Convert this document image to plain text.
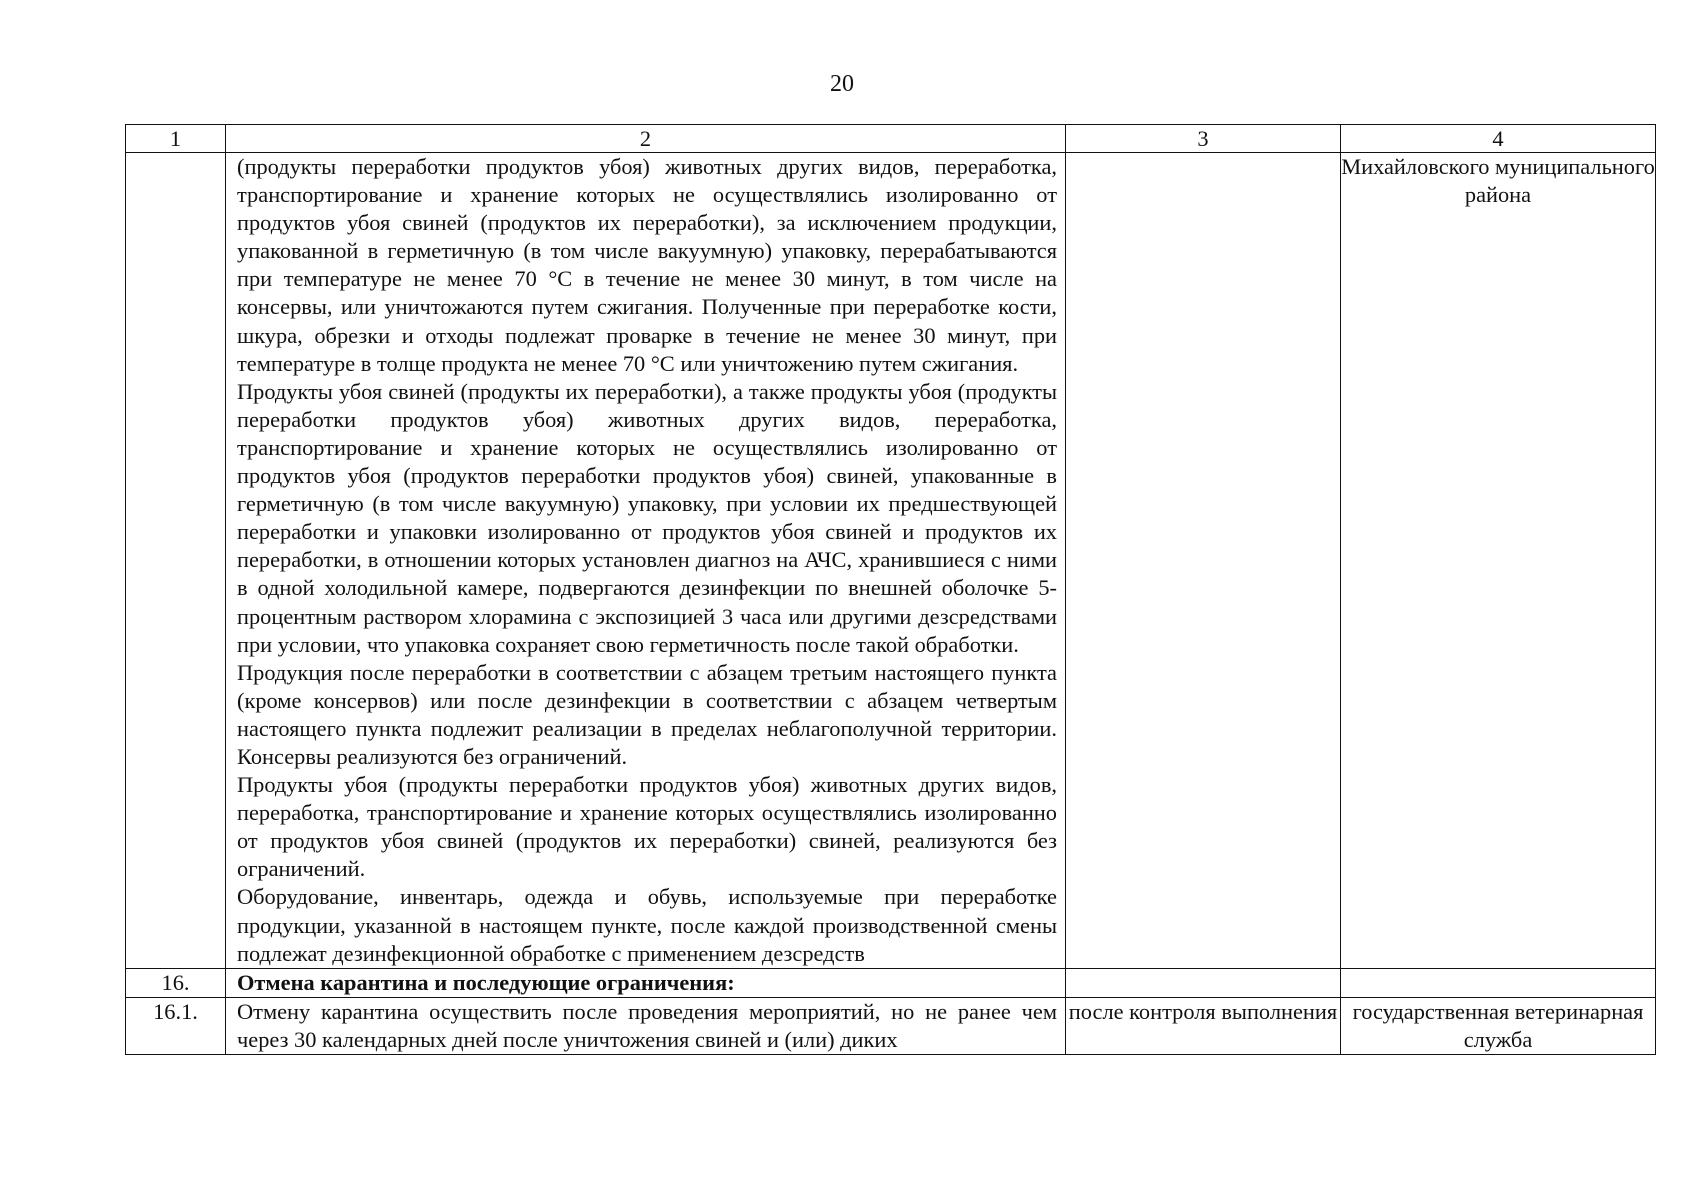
20
1	2	3	4

	(продукты переработки продуктов убоя) животных других видов, переработка, транспортирование и хранение которых не осуществлялись изолированно от продуктов убоя свиней (продуктов их переработки), за исключением продукции, упакованной в герметичную (в том числе вакуумную) упаковку, перерабатываются при температуре не менее 70 °С в течение не менее 30 минут, в том числе на консервы, или уничтожаются путем сжигания. Полученные при переработке кости, шкура, обрезки и отходы подлежат проварке в течение не менее 30 минут, при температуре в толще продукта не менее 70 °С или уничтожению путем сжигания.

Продукты убоя свиней (продукты их переработки), а также продукты убоя (продукты переработки продуктов убоя) животных других видов, переработка, транспортирование и хранение которых не осуществлялись изолированно от продуктов убоя (продуктов переработки продуктов убоя) свиней, упакованные в герметичную (в том числе вакуумную) упаковку, при условии их предшествующей переработки и упаковки изолированно от продуктов убоя свиней и продуктов их переработки, в отношении которых установлен диагноз на АЧС, хранившиеся с ними в одной холодильной камере, подвергаются дезинфекции по внешней оболочке 5-процентным раствором хлорамина с экспозицией 3 часа или другими дезсредствами при условии, что упаковка сохраняет свою герметичность после такой обработки.

Продукция после переработки в соответствии с абзацем третьим настоящего пункта (кроме консервов) или после дезинфекции в соответствии с абзацем четвертым настоящего пункта подлежит реализации в пределах неблагополучной территории. Консервы реализуются без ограничений.

Продукты убоя (продукты переработки продуктов убоя) животных других видов, переработка, транспортирование и хранение которых осуществлялись изолированно от продуктов убоя свиней (продуктов их переработки) свиней, реализуются без ограничений.

Оборудование, инвентарь, одежда и обувь, используемые при переработке продукции, указанной в настоящем пункте, после каждой производственной смены подлежат дезинфекционной обработке с применением дезсредств		Михайловского муниципального района
16.	Отмена карантина и последующие ограничения:		
16.1.	Отмену карантина осуществить после проведения мероприятий, но не ранее чем через 30 календарных дней после уничтожения свиней и (или) диких	после контроля выполнения	государственная ветеринарная служба
